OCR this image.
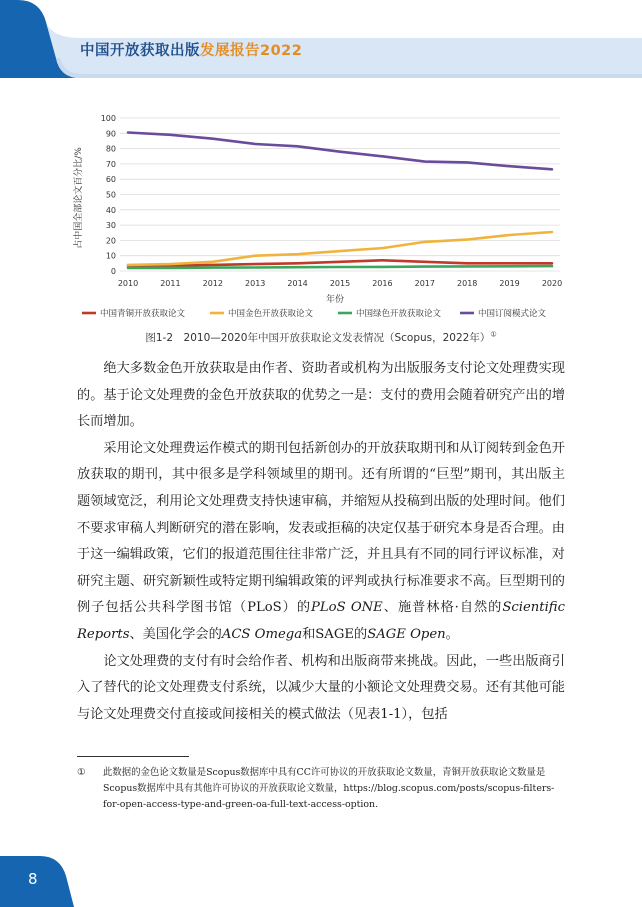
中国开放获取出版发展报告2022
0
10
20
30
40
50
60
70
80
90
100
2010	2011	2012	2013	2014	2015	2016	2017	2018	2019	2020
占中国全部论文百分比/%
年份
中国青铜开放获取论文	中国金色开放获取论文	中国绿色开放获取论文	中国订阅模式论文
图1-2　2010—2020年中国开放获取论文发表情况（Scopus，2022年）①

绝大多数金色开放获取是由作者、资助者或机构为出版服务支付论文处理费实现的。基于论文处理费的金色开放获取的优势之一是：支付的费用会随着研究产出的增长而增加。

采用论文处理费运作模式的期刊包括新创办的开放获取期刊和从订阅转到金色开放获取的期刊，其中很多是学科领域里的期刊。还有所谓的“巨型”期刊，其出版主题领域宽泛，利用论文处理费支持快速审稿，并缩短从投稿到出版的处理时间。他们不要求审稿人判断研究的潜在影响，发表或拒稿的决定仅基于研究本身是否合理。由于这一编辑政策，它们的报道范围往往非常广泛，并且具有不同的同行评议标准，对研究主题、研究新颖性或特定期刊编辑政策的评判或执行标准要求不高。巨型期刊的例子包括公共科学图书馆（PLoS）的PLoS ONE、施普林格·自然的Scientific Reports、美国化学会的ACS Omega和SAGE的SAGE Open。

论文处理费的支付有时会给作者、机构和出版商带来挑战。因此，一些出版商引入了替代的论文处理费支付系统，以减少大量的小额论文处理费交易。还有其他可能与论文处理费交付直接或间接相关的模式做法（见表1-1），包括

① 此数据的金色论文数量是Scopus数据库中具有CC许可协议的开放获取论文数量，青铜开放获取论文数量是Scopus数据库中具有其他许可协议的开放获取论文数量，https://blog.scopus.com/posts/scopus-filters-for-open-access-type-and-green-oa-full-text-access-option.
8
